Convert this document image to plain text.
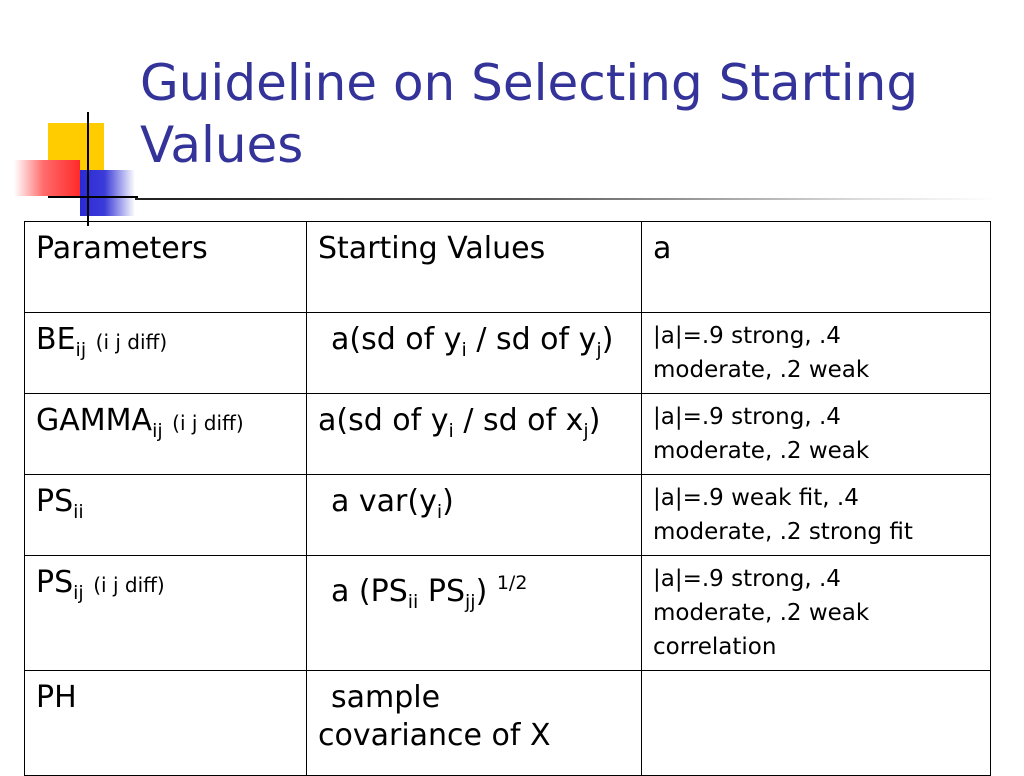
Guideline on Selecting Starting
Values
Parameters	Starting Values	a
$BE_{ij}$ (i j diff)	a(sd of $y_i$ / sd of $y_j$)	|a|=.9 strong, .4
moderate, .2 weak
$GAMMA_{ij}$ (i j diff)	a(sd of $y_i$ / sd of $x_j$)	|a|=.9 strong, .4
moderate, .2 weak
$PS_{ii}$	a $var(y_i)$	|a|=.9 weak fit, .4
moderate, .2 strong fit
$PS_{ij}$ (i j diff)	a ($PS_{ii}$ $PS_{jj}$) $^{1/2}$	|a|=.9 strong, .4
moderate, .2 weak
correlation
PH	sample
covariance of X	
